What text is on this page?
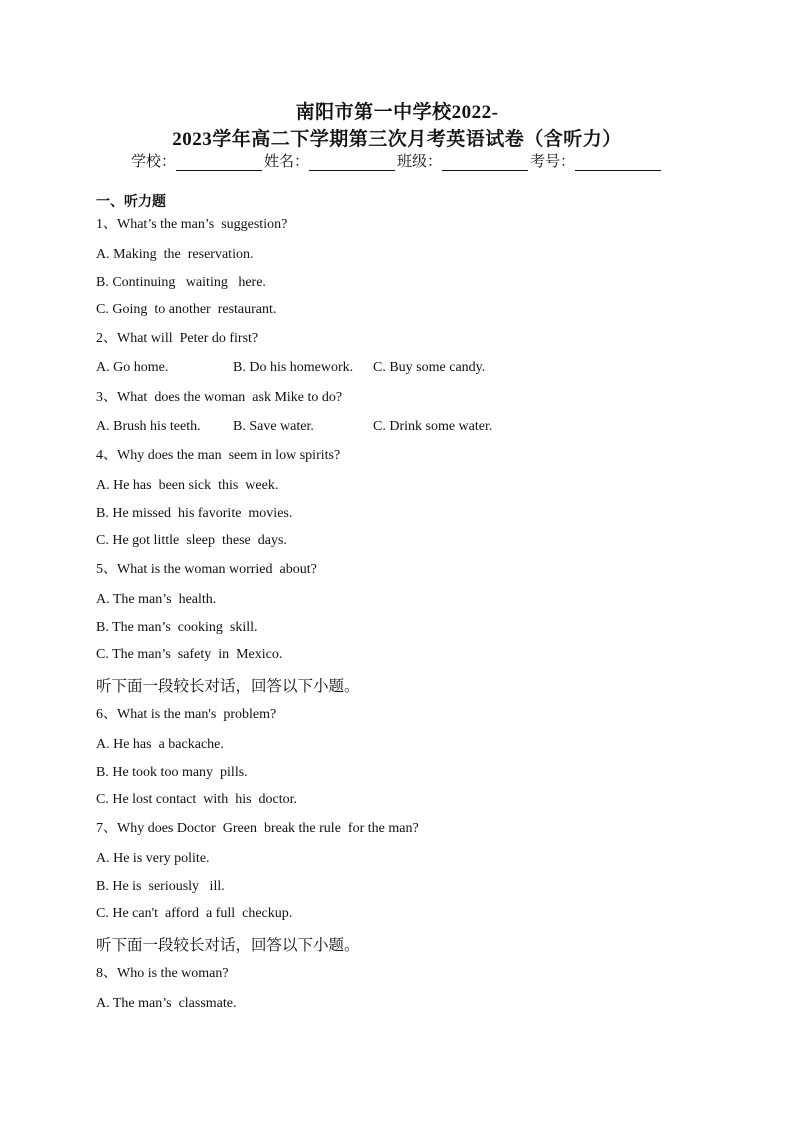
南阳市第一中学校2022-
2023学年高二下学期第三次月考英语试卷（含听力）
学校：	姓名：	班级：	考号：
一、听力题
1、What’s the man’s  suggestion?
A. Making  the  reservation.
B. Continuing   waiting   here.
C. Going  to another  restaurant.
2、What will  Peter do first?
A. Go home.	B. Do his homework. C. Buy some candy.
3、What  does the woman  ask Mike to do?
A. Brush his teeth. B. Save water.	C. Drink some water.
4、Why does the man  seem in low spirits?
A. He has  been sick  this  week.
B. He missed  his favorite  movies.
C. He got little  sleep  these  days.
5、What is the woman worried  about?
A. The man’s  health.
B. The man’s  cooking  skill.
C. The man’s  safety  in  Mexico.
听下面一段较长对话，回答以下小题。
6、What is the man's  problem?
A. He has  a backache.
B. He took too many  pills.
C. He lost contact  with  his  doctor.
7、Why does Doctor  Green  break the rule  for the man?
A. He is very polite.
B. He is  seriously   ill.
C. He can't  afford  a full  checkup.
听下面一段较长对话，回答以下小题。
8、Who is the woman?
A. The man’s  classmate.
